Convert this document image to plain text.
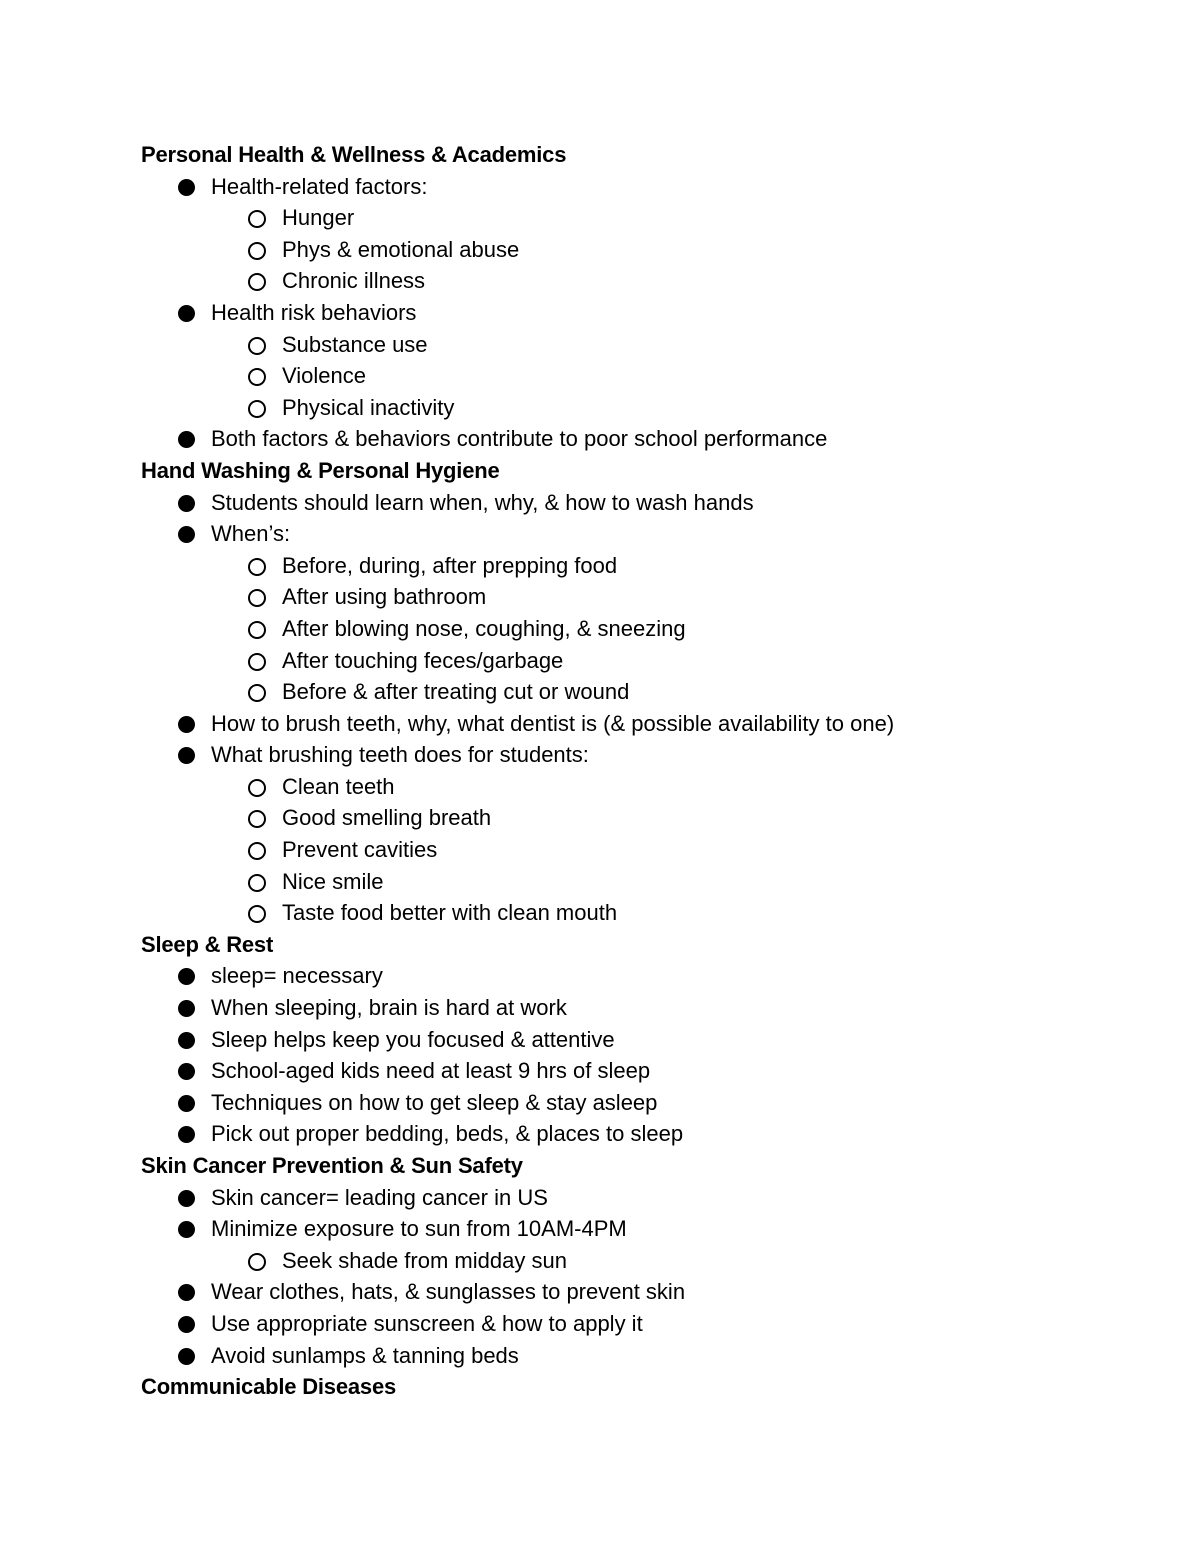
Personal Health & Wellness & Academics
Health-related factors:
Hunger
Phys & emotional abuse
Chronic illness
Health risk behaviors
Substance use
Violence
Physical inactivity
Both factors & behaviors contribute to poor school performance
Hand Washing & Personal Hygiene
Students should learn when, why, & how to wash hands
When’s:
Before, during, after prepping food
After using bathroom
After blowing nose, coughing, & sneezing
After touching feces/garbage
Before & after treating cut or wound
How to brush teeth, why, what dentist is (& possible availability to one)
What brushing teeth does for students:
Clean teeth
Good smelling breath
Prevent cavities
Nice smile
Taste food better with clean mouth
Sleep & Rest
sleep= necessary
When sleeping, brain is hard at work
Sleep helps keep you focused & attentive
School-aged kids need at least 9 hrs of sleep
Techniques on how to get sleep & stay asleep
Pick out proper bedding, beds, & places to sleep
Skin Cancer Prevention & Sun Safety
Skin cancer= leading cancer in US
Minimize exposure to sun from 10AM-4PM
Seek shade from midday sun
Wear clothes, hats, & sunglasses to prevent skin
Use appropriate sunscreen & how to apply it
Avoid sunlamps & tanning beds
Communicable Diseases
